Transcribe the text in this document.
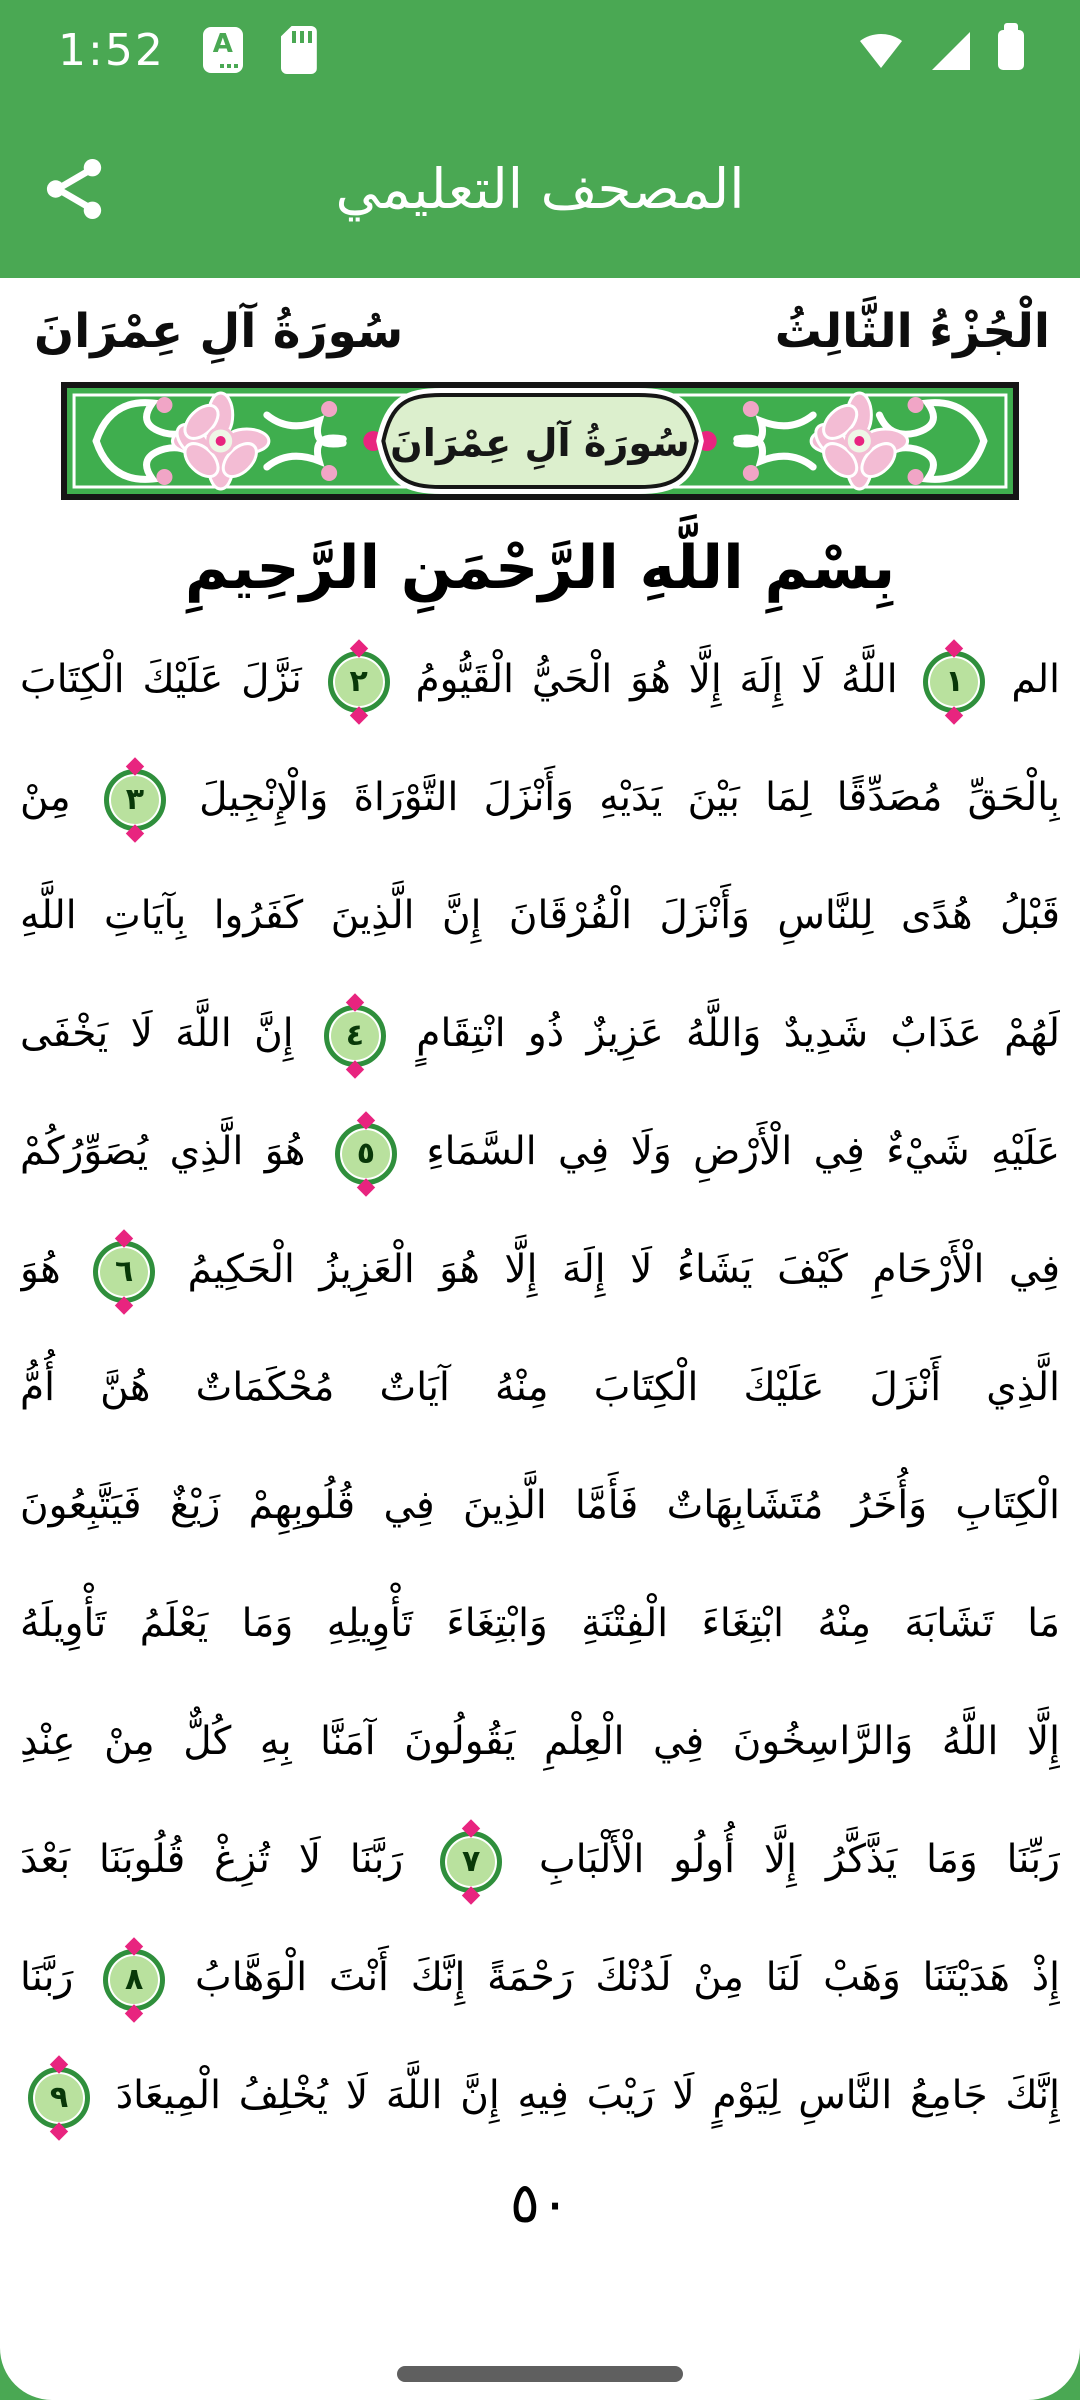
1:52 A
المصحف التعليمي
الْجُزْءُ الثَّالِثُ
سُورَةُ آلِ عِمْرَانَ
سُورَةُ آلِ عِمْرَانَ
بِسْمِ اللَّهِ الرَّحْمَنِ الرَّحِيمِ
الم ١ اللَّهُ لَا إِلَهَ إِلَّا هُوَ الْحَيُّ الْقَيُّومُ ٢ نَزَّلَ عَلَيْكَ الْكِتَابَ
بِالْحَقِّ مُصَدِّقًا لِمَا بَيْنَ يَدَيْهِ وَأَنْزَلَ التَّوْرَاةَ وَالْإِنْجِيلَ ٣ مِنْ
قَبْلُ هُدًى لِلنَّاسِ وَأَنْزَلَ الْفُرْقَانَ إِنَّ الَّذِينَ كَفَرُوا بِآيَاتِ اللَّهِ
لَهُمْ عَذَابٌ شَدِيدٌ وَاللَّهُ عَزِيزٌ ذُو انْتِقَامٍ ٤ إِنَّ اللَّهَ لَا يَخْفَى
عَلَيْهِ شَيْءٌ فِي الْأَرْضِ وَلَا فِي السَّمَاءِ ٥ هُوَ الَّذِي يُصَوِّرُكُمْ
فِي الْأَرْحَامِ كَيْفَ يَشَاءُ لَا إِلَهَ إِلَّا هُوَ الْعَزِيزُ الْحَكِيمُ ٦ هُوَ
الَّذِي أَنْزَلَ عَلَيْكَ الْكِتَابَ مِنْهُ آيَاتٌ مُحْكَمَاتٌ هُنَّ أُمُّ
الْكِتَابِ وَأُخَرُ مُتَشَابِهَاتٌ فَأَمَّا الَّذِينَ فِي قُلُوبِهِمْ زَيْغٌ فَيَتَّبِعُونَ
مَا تَشَابَهَ مِنْهُ ابْتِغَاءَ الْفِتْنَةِ وَابْتِغَاءَ تَأْوِيلِهِ وَمَا يَعْلَمُ تَأْوِيلَهُ
إِلَّا اللَّهُ وَالرَّاسِخُونَ فِي الْعِلْمِ يَقُولُونَ آمَنَّا بِهِ كُلٌّ مِنْ عِنْدِ
رَبِّنَا وَمَا يَذَّكَّرُ إِلَّا أُولُو الْأَلْبَابِ ٧ رَبَّنَا لَا تُزِغْ قُلُوبَنَا بَعْدَ
إِذْ هَدَيْتَنَا وَهَبْ لَنَا مِنْ لَدُنْكَ رَحْمَةً إِنَّكَ أَنْتَ الْوَهَّابُ ٨ رَبَّنَا
إِنَّكَ جَامِعُ النَّاسِ لِيَوْمٍ لَا رَيْبَ فِيهِ إِنَّ اللَّهَ لَا يُخْلِفُ الْمِيعَادَ ٩
٥٠
